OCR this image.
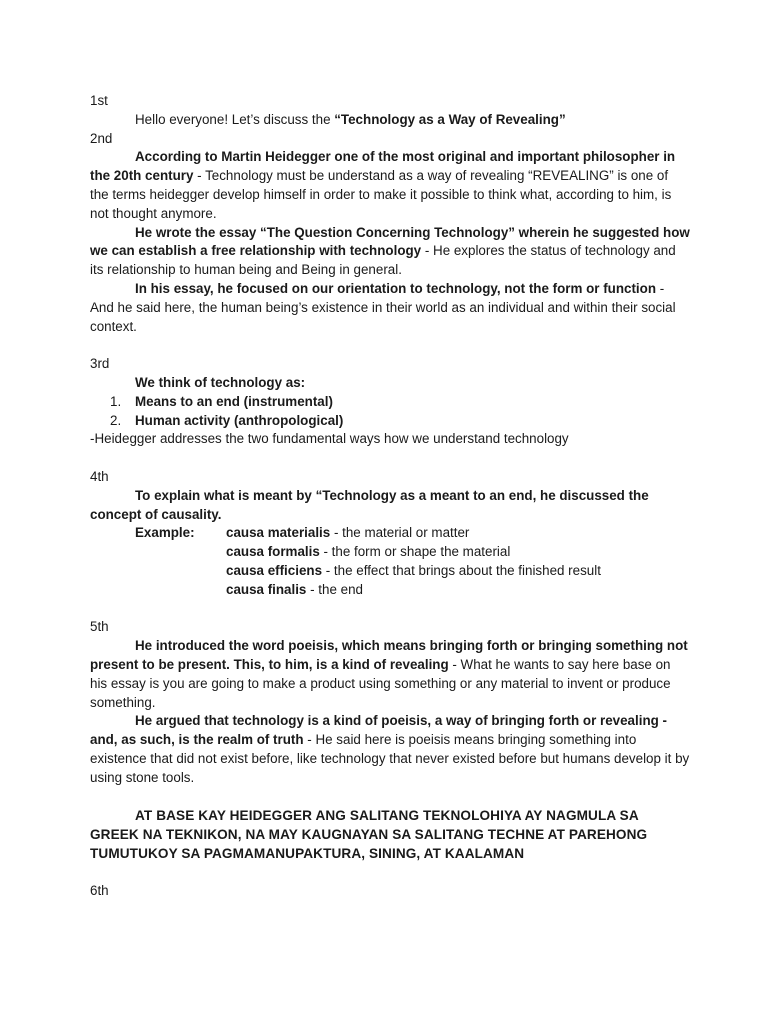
1st

Hello everyone! Let’s discuss the “Technology as a Way of Revealing”

2nd

According to Martin Heidegger one of the most original and important philosopher in the 20th century - Technology must be understand as a way of revealing “REVEALING” is one of the terms heidegger develop himself in order to make it possible to think what, according to him, is not thought anymore.

He wrote the essay “The Question Concerning Technology” wherein he suggested how we can establish a free relationship with technology - He explores the status of technology and its relationship to human being and Being in general.

In his essay, he focused on our orientation to technology, not the form or function - And he said here, the human being’s existence in their world as an individual and within their social context.

3rd

We think of technology as:

1. Means to an end (instrumental)
2. Human activity (anthropological)

-Heidegger addresses the two fundamental ways how we understand technology

4th

To explain what is meant by “Technology as a meant to an end, he discussed the concept of causality.

Example:	causa materialis - the material or matter
causa formalis - the form or shape the material
causa efficiens - the effect that brings about the finished result
causa finalis - the end
5th

He introduced the word poeisis, which means bringing forth or bringing something not present to be present. This, to him, is a kind of revealing - What he wants to say here base on his essay is you are going to make a product using something or any material to invent or produce something.

He argued that technology is a kind of poeisis, a way of bringing forth or revealing - and, as such, is the realm of truth - He said here is poeisis means bringing something into existence that did not exist before, like technology that never existed before but humans develop it by using stone tools.

AT BASE KAY HEIDEGGER ANG SALITANG TEKNOLOHIYA AY NAGMULA SA GREEK NA TEKNIKON, NA MAY KAUGNAYAN SA SALITANG TECHNE AT PAREHONG TUMUTUKOY SA PAGMAMANUPAKTURA, SINING, AT KAALAMAN

6th
